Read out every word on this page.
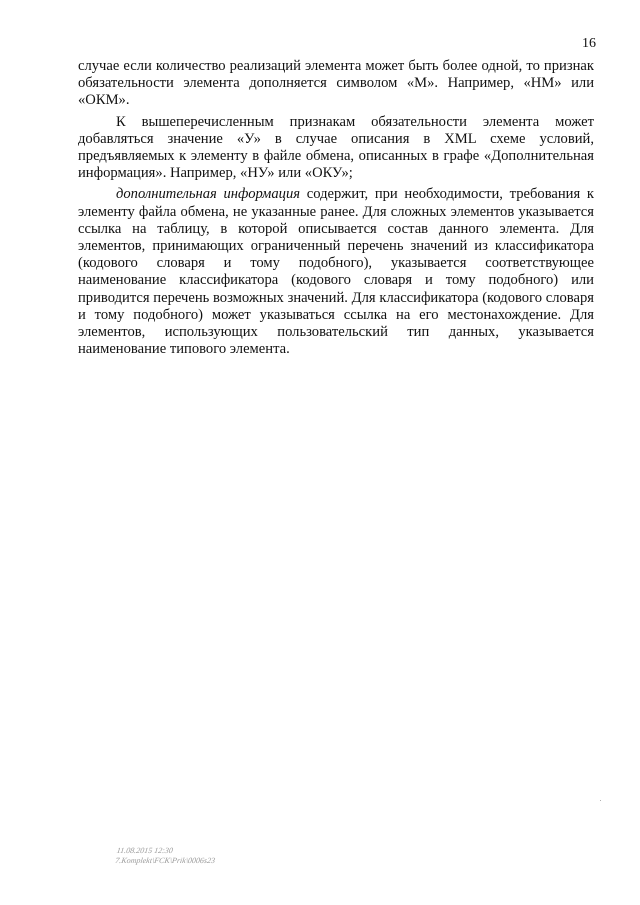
16

случае если количество реализаций элемента может быть более одной, то признак обязательности элемента дополняется символом «М». Например, «НМ» или «ОКМ».

К вышеперечисленным признакам обязательности элемента может добавляться значение «У» в случае описания в XML схеме условий, предъявляемых к элементу в файле обмена, описанных в графе «Дополнительная информация». Например, «НУ» или «ОКУ»;

дополнительная информация содержит, при необходимости, требования к элементу файла обмена, не указанные ранее. Для сложных элементов указывается ссылка на таблицу, в которой описывается состав данного элемента. Для элементов, принимающих ограниченный перечень значений из классификатора (кодового словаря и тому подобного), указывается соответствующее наименование классификатора (кодового словаря и тому подобного) или приводится перечень возможных значений. Для классификатора (кодового словаря и тому подобного) может указываться ссылка на его местонахождение. Для элементов, использующих пользовательский тип данных, указывается наименование типового элемента.

11.08.2015 12:30
7.Komplekt\FCK\Prik\0006s23
